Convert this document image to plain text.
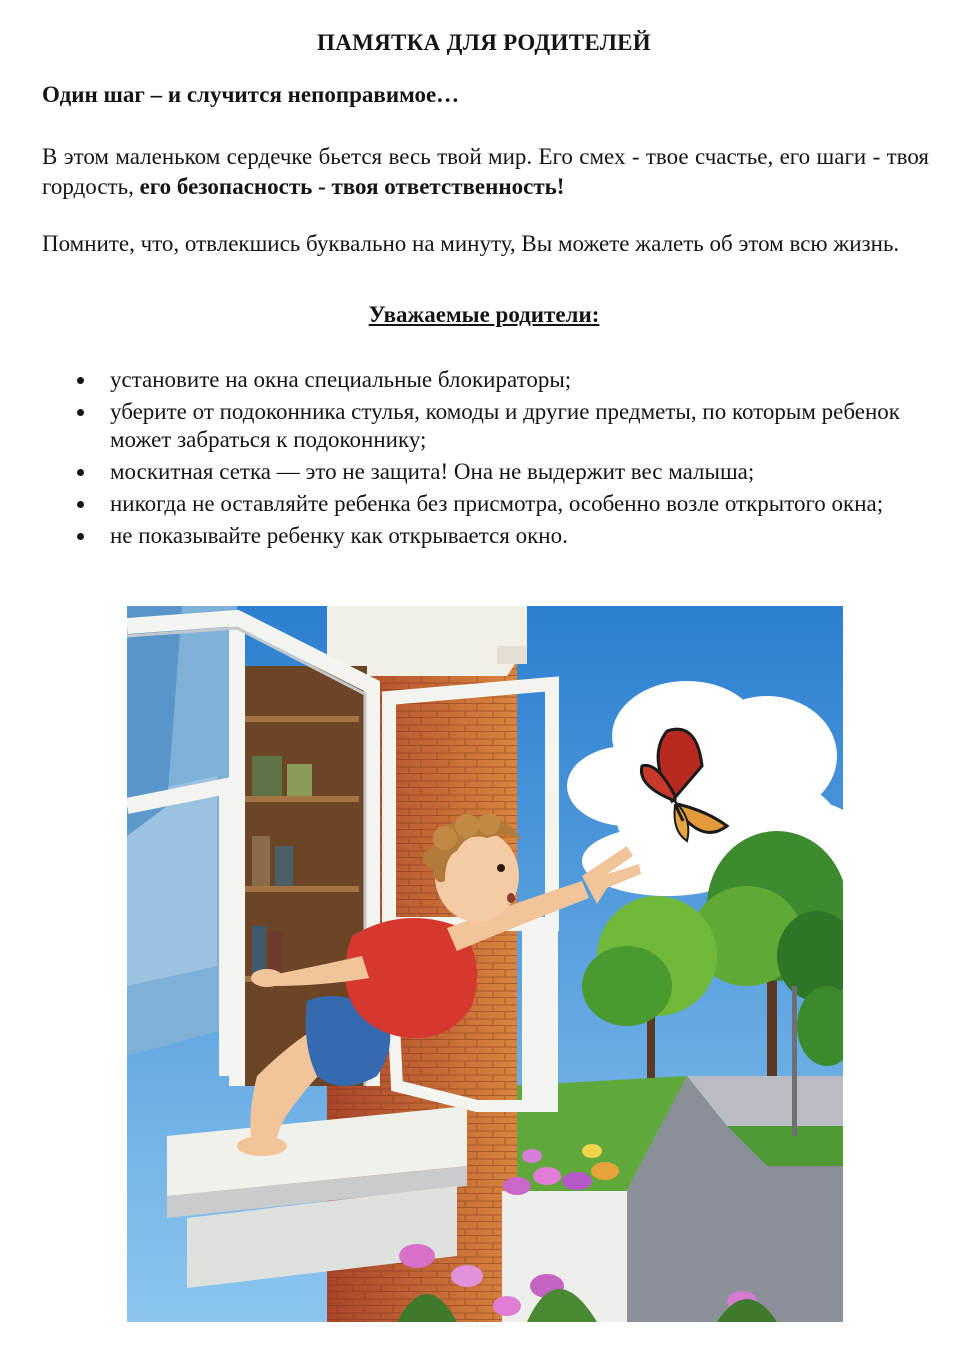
ПАМЯТКА ДЛЯ РОДИТЕЛЕЙ
Один шаг – и случится непоправимое…
В этом маленьком сердечке бьется весь твой мир. Его смех - твое счастье, его шаги - твоя гордость, его безопасность - твоя ответственность!
Помните, что, отвлекшись буквально на минуту, Вы можете жалеть об этом всю жизнь.
Уважаемые родители:
установите на окна специальные блокираторы;
уберите от подоконника стулья, комоды и другие предметы, по которым ребенок может забраться к подоконнику;
москитная сетка — это не защита! Она не выдержит вес малыша;
никогда не оставляйте ребенка без присмотра, особенно возле открытого окна;
не показывайте ребенку как открывается окно.
